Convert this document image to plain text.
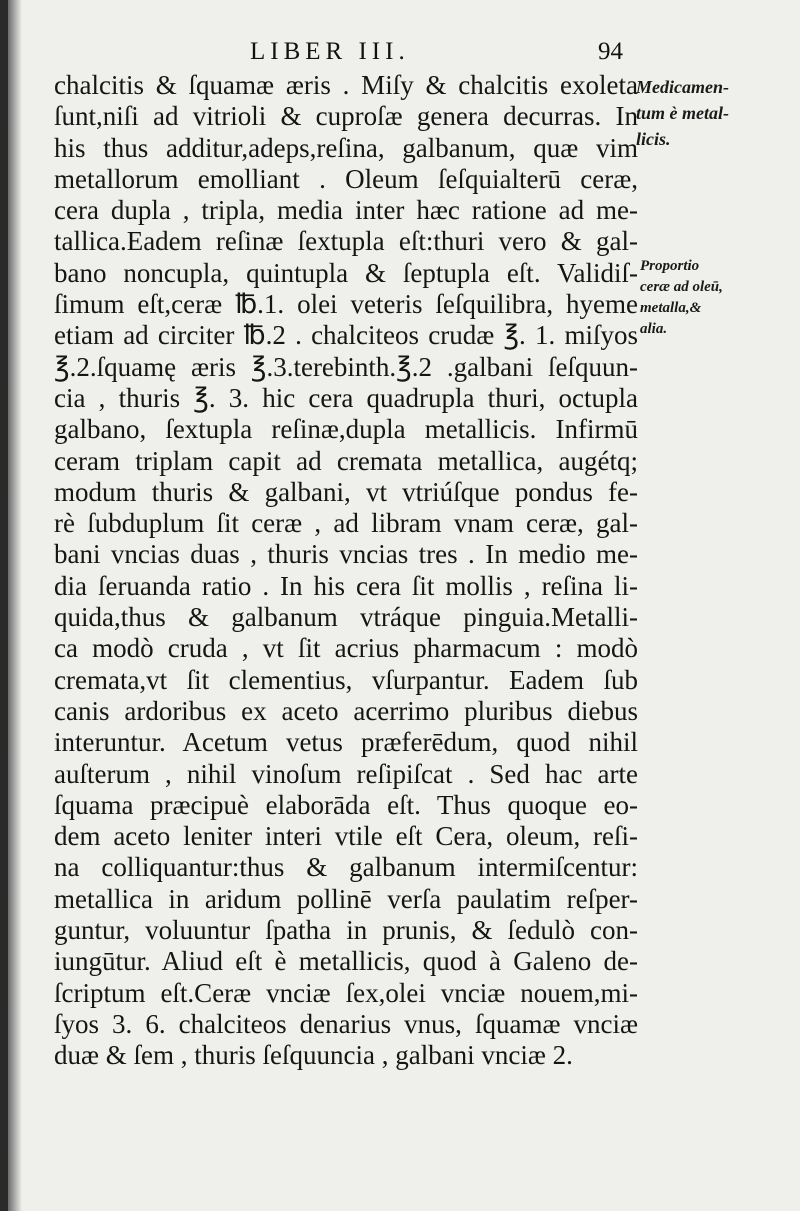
LIBER III.	94
chalcitis & ſquamæ æris . Miſy & chalcitis exoleta
ſunt,niſi ad vitrioli & cuproſæ genera decurras. In
his thus additur,adeps,reſina, galbanum, quæ vim
metallorum emolliant . Oleum ſeſquialterū ceræ,
cera dupla , tripla, media inter hæc ratione ad me-
tallica.Eadem reſinæ ſextupla eſt:thuri vero & gal-
bano noncupla, quintupla & ſeptupla eſt. Validiſ-
ſimum eſt,ceræ ℔.1. olei veteris ſeſquilibra, hyeme
etiam ad circiter ℔.2 . chalciteos crudæ ℥. 1. miſyos
℥.2.ſquamę æris ℥.3.terebinth.℥.2 .galbani ſeſquun-
cia , thuris ℥. 3. hic cera quadrupla thuri, octupla
galbano, ſextupla reſinæ,dupla metallicis. Infirmū
ceram triplam capit ad cremata metallica, augétq;
modum thuris & galbani, vt vtriúſque pondus fe-
rè ſubduplum ſit ceræ , ad libram vnam ceræ, gal-
bani vncias duas , thuris vncias tres . In medio me-
dia ſeruanda ratio . In his cera ſit mollis , reſina li-
quida,thus & galbanum vtráque pinguia.Metalli-
ca modò cruda , vt ſit acrius pharmacum : modò
cremata,vt ſit clementius, vſurpantur. Eadem ſub
canis ardoribus ex aceto acerrimo pluribus diebus
interuntur. Acetum vetus præferēdum, quod nihil
auſterum , nihil vinoſum reſipiſcat . Sed hac arte
ſquama præcipuè elaborāda eſt. Thus quoque eo-
dem aceto leniter interi vtile eſt Cera, oleum, reſi-
na colliquantur:thus & galbanum intermiſcentur:
metallica in aridum pollinē verſa paulatim reſper-
guntur, voluuntur ſpatha in prunis, & ſedulò con-
iungūtur. Aliud eſt è metallicis, quod à Galeno de-
ſcriptum eſt.Ceræ vnciæ ſex,olei vnciæ nouem,mi-
ſyos 3. 6. chalciteos denarius vnus, ſquamæ vnciæ
duæ & ſem , thuris ſeſquuncia , galbani vnciæ 2.
Medicamen-
tum è metal-
licis.
Proportio
ceræ ad oleū,
metalla,&
alia.
